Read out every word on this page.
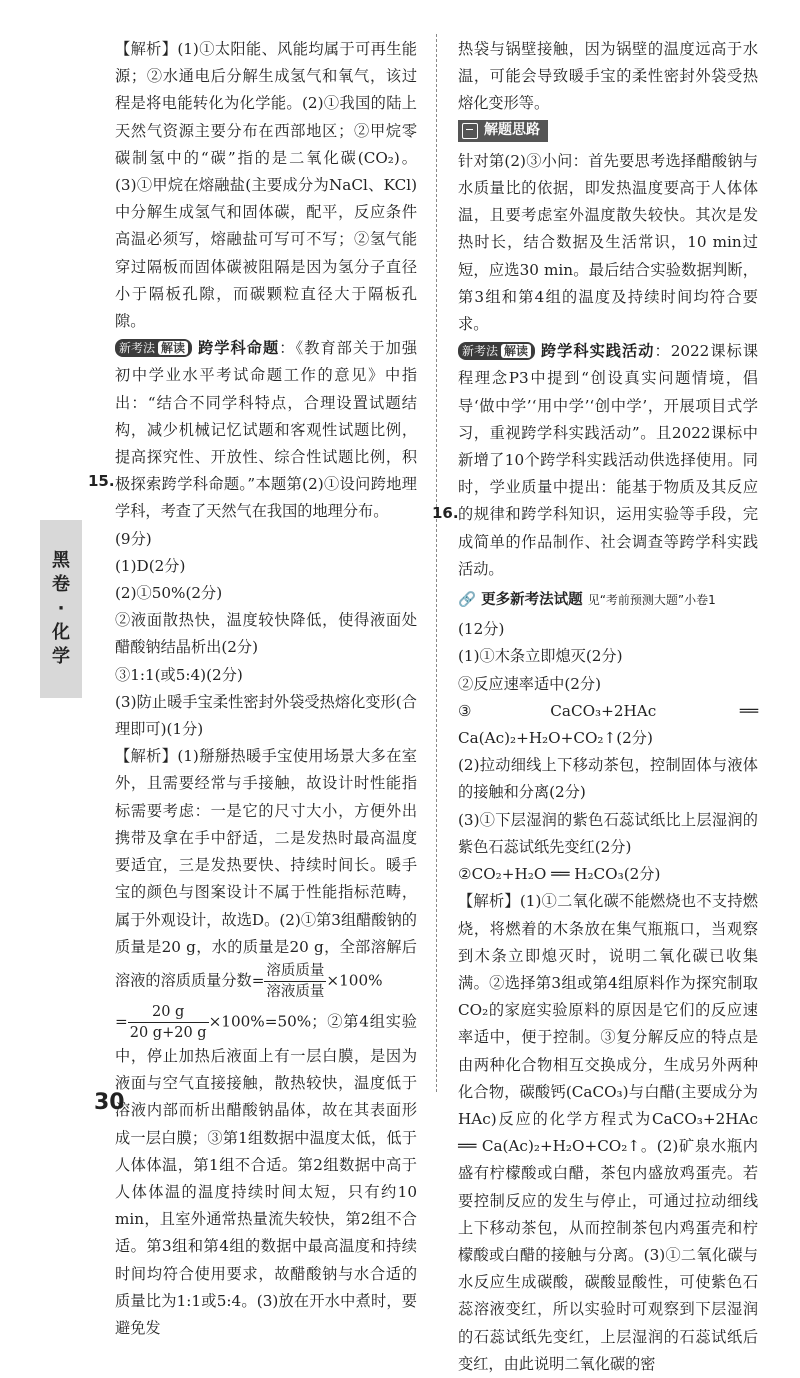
【解析】(1)①太阳能、风能均属于可再生能源；②水通电后分解生成氢气和氧气，该过程是将电能转化为化学能。(2)①我国的陆上天然气资源主要分布在西部地区；②甲烷零碳制氢中的“碳”指的是二氧化碳(CO₂)。(3)①甲烷在熔融盐(主要成分为NaCl、KCl)中分解生成氢气和固体碳，配平，反应条件高温必须写，熔融盐可写可不写；②氢气能穿过隔板而固体碳被阻隔是因为氢分子直径小于隔板孔隙，而碳颗粒直径大于隔板孔隙。

新考法 解读 跨学科命题：《教育部关于加强初中学业水平考试命题工作的意见》中指出：“结合不同学科特点，合理设置试题结构，减少机械记忆试题和客观性试题比例，提高探究性、开放性、综合性试题比例，积极探索跨学科命题。”本题第(2)①设问跨地理学科，考查了天然气在我国的地理分布。

(9分)

(1)D(2分)

(2)①50%(2分)

②液面散热快，温度较快降低，使得液面处醋酸钠结晶析出(2分)

③1:1(或5:4)(2分)

(3)防止暖手宝柔性密封外袋受热熔化变形(合理即可)(1分)

【解析】(1)掰掰热暖手宝使用场景大多在室外，且需要经常与手接触，故设计时性能指标需要考虑：一是它的尺寸大小，方便外出携带及拿在手中舒适，二是发热时最高温度要适宜，三是发热要快、持续时间长。暖手宝的颜色与图案设计不属于性能指标范畴，属于外观设计，故选D。(2)①第3组醋酸钠的质量是20 g，水的质量是20 g，全部溶解后溶液的溶质质量分数= $\frac{\text{溶质质量}}{\text{溶液质量}} \times 100\%$
= $\frac{20 g}{20 g+20 g} \times 100\%=50\%$；②第4组实验中，停止加热后液面上有一层白膜，是因为液面与空气直接接触，散热较快，温度低于溶液内部而析出醋酸钠晶体，故在其表面形成一层白膜；③第1组数据中温度太低，低于人体体温，第1组不合适。第2组数据中高于人体体温的温度持续时间太短，只有约10 min，且室外通常热量流失较快，第2组不合适。第3组和第4组的数据中最高温度和持续时间均符合使用要求，故醋酸钠与水合适的质量比为1:1或5:4。(3)放在开水中煮时，要避免发

15.

热袋与锅壁接触，因为锅壁的温度远高于水温，可能会导致暖手宝的柔性密封外袋受热熔化变形等。

解题思路

针对第(2)③小问：首先要思考选择醋酸钠与水质量比的依据，即发热温度要高于人体体温，且要考虑室外温度散失较快。其次是发热时长，结合数据及生活常识，10 min过短，应选30 min。最后结合实验数据判断，第3组和第4组的温度及持续时间均符合要求。

新考法 解读 跨学科实践活动：2022课标课程理念P3中提到“创设真实问题情境，倡导‘做中学’‘用中学’‘创中学’，开展项目式学习，重视跨学科实践活动”。且2022课标中新增了10个跨学科实践活动供选择使用。同时，学业质量中提出：能基于物质及其反应的规律和跨学科知识，运用实验等手段，完成简单的作品制作、社会调查等跨学科实践活动。

🔗 更多新考法试题 见“考前预测大题”小卷1

(12分)

(1)①木条立即熄灭(2分)

②反应速率适中(2分)

③CaCO₃+2HAc ══ Ca(Ac)₂+H₂O+CO₂↑(2分)

(2)拉动细线上下移动茶包，控制固体与液体的接触和分离(2分)

(3)①下层湿润的紫色石蕊试纸比上层湿润的紫色石蕊试纸先变红(2分)

②CO₂+H₂O ══ H₂CO₃(2分)

【解析】(1)①二氧化碳不能燃烧也不支持燃烧，将燃着的木条放在集气瓶瓶口，当观察到木条立即熄灭时，说明二氧化碳已收集满。②选择第3组或第4组原料作为探究制取CO₂的家庭实验原料的原因是它们的反应速率适中，便于控制。③复分解反应的特点是由两种化合物相互交换成分，生成另外两种化合物，碳酸钙(CaCO₃)与白醋(主要成分为HAc)反应的化学方程式为CaCO₃+2HAc ══ Ca(Ac)₂+H₂O+CO₂↑。(2)矿泉水瓶内盛有柠檬酸或白醋，茶包内盛放鸡蛋壳。若要控制反应的发生与停止，可通过拉动细线上下移动茶包，从而控制茶包内鸡蛋壳和柠檬酸或白醋的接触与分离。(3)①二氧化碳与水反应生成碳酸，碳酸显酸性，可使紫色石蕊溶液变红，所以实验时可观察到下层湿润的石蕊试纸先变红，上层湿润的石蕊试纸后变红，由此说明二氧化碳的密

16.
黑
卷
·
化
学
30
